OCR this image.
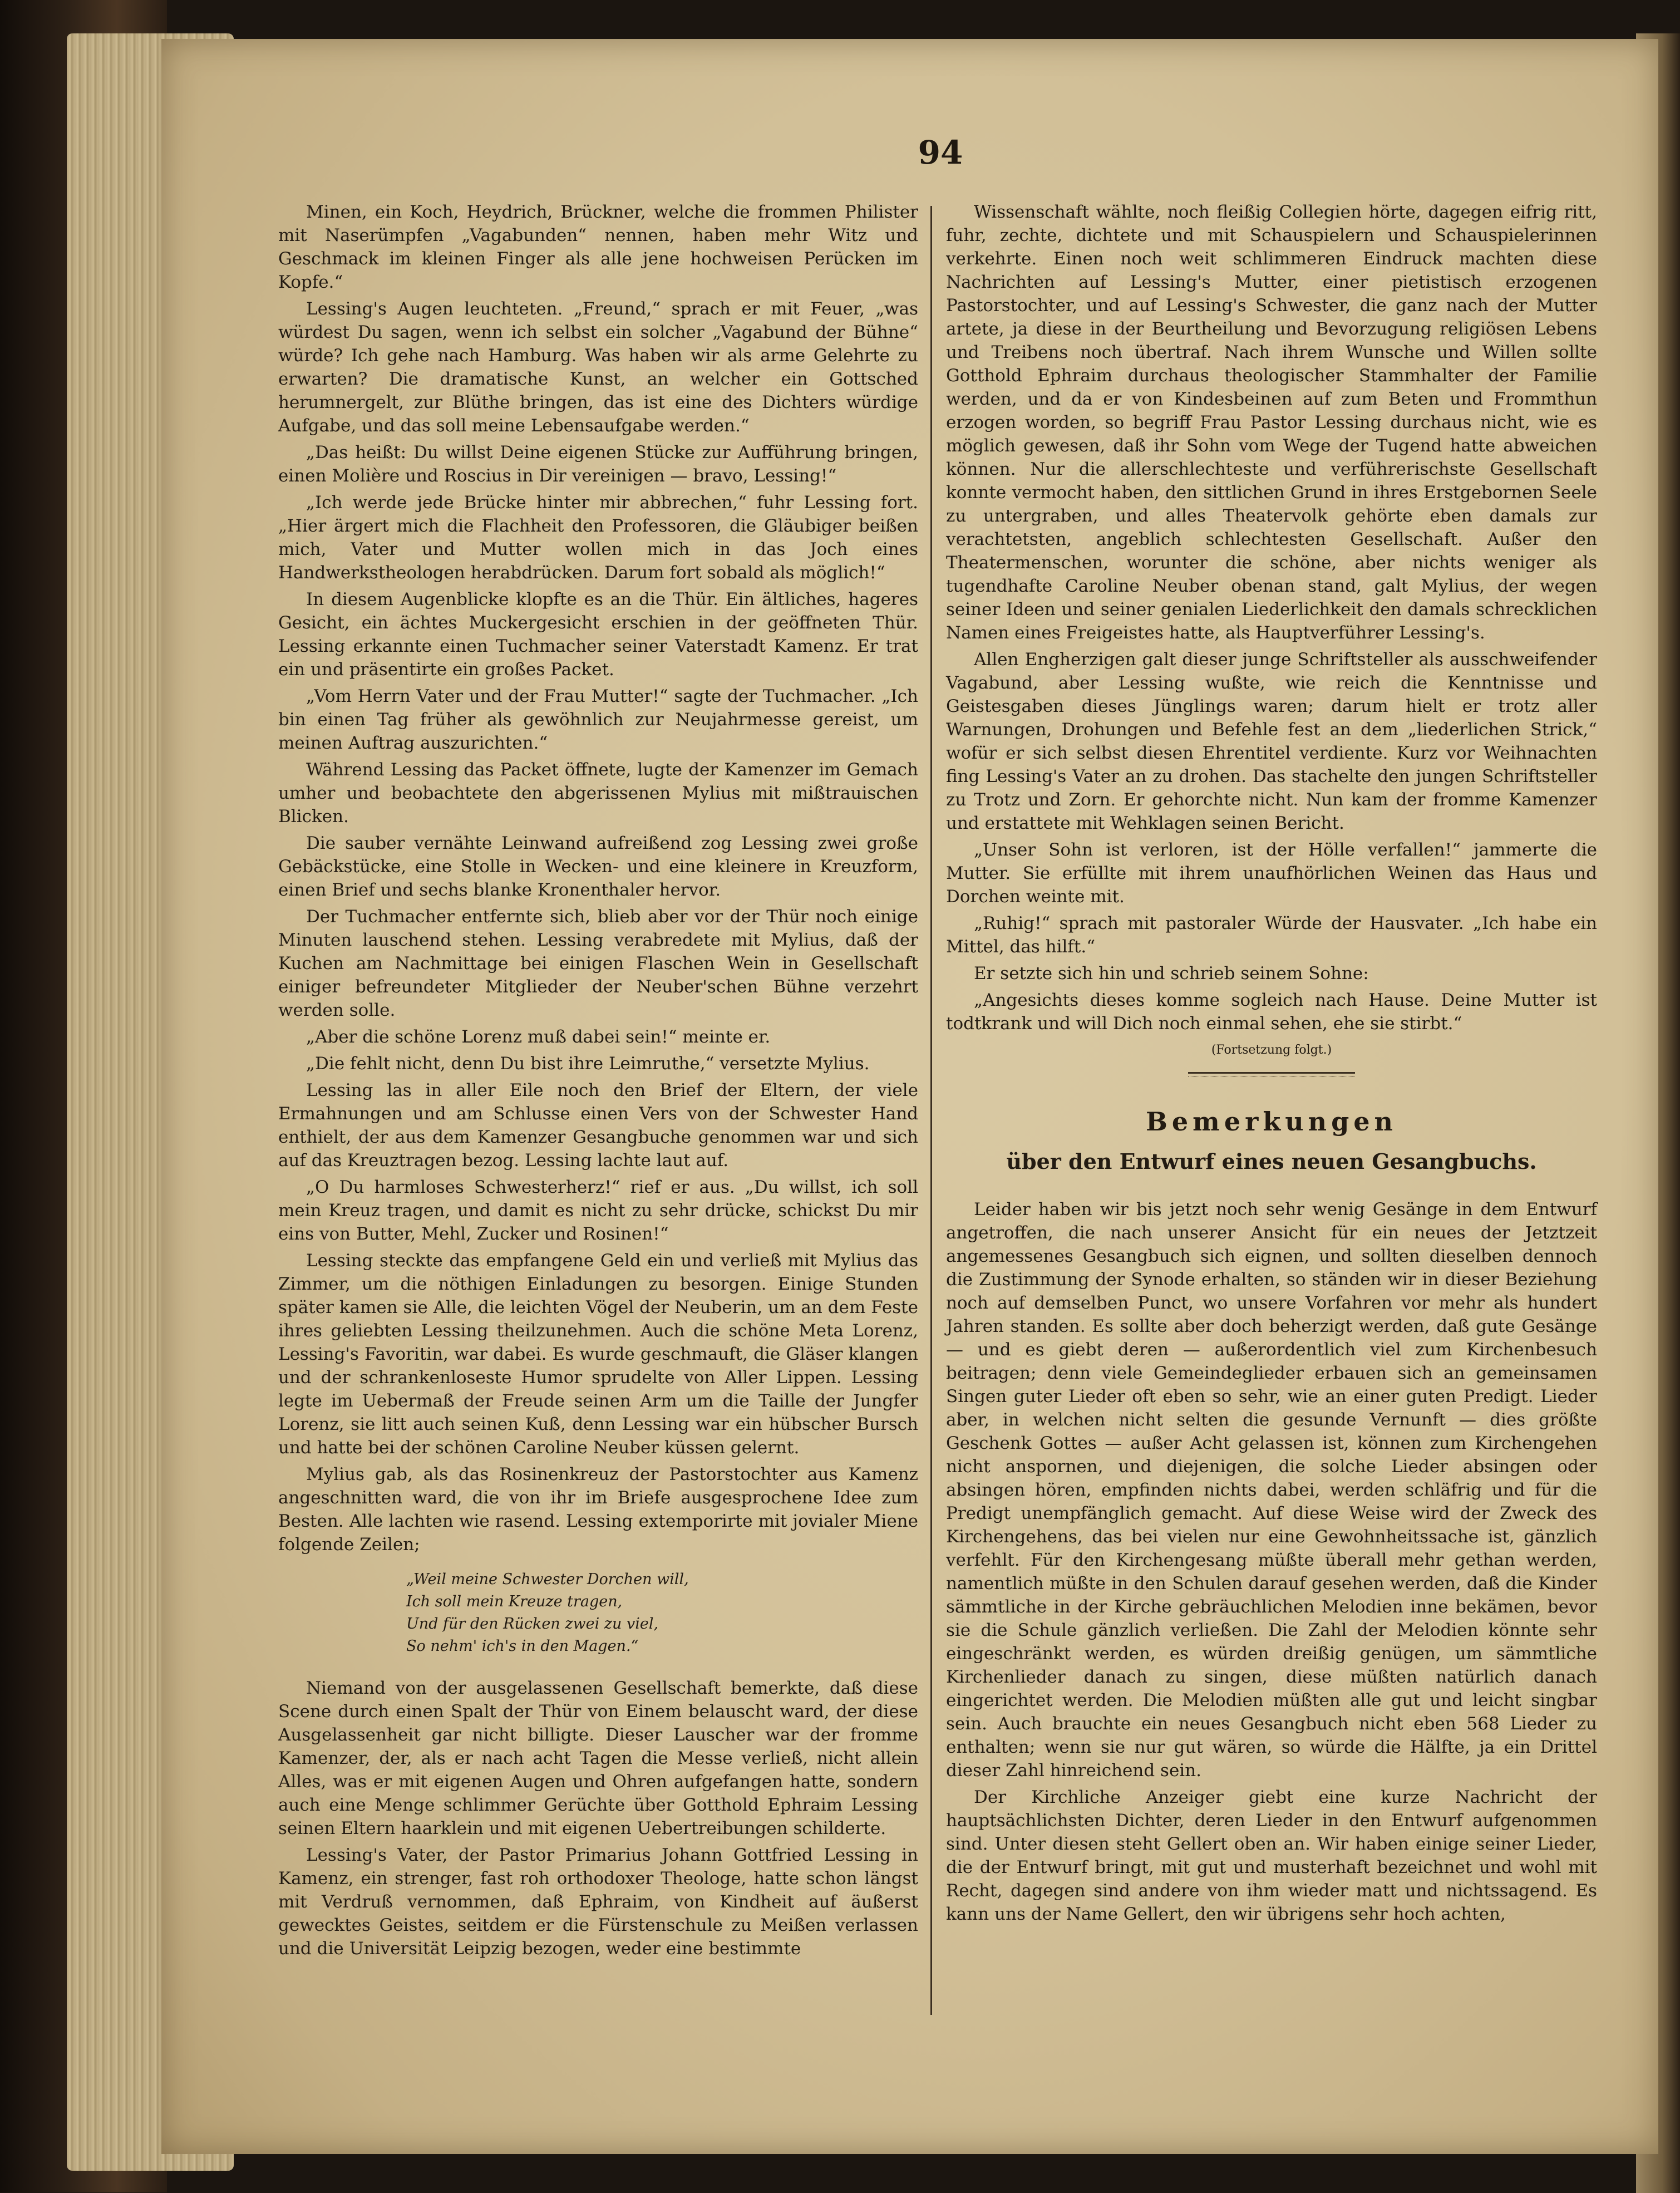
94

Minen, ein Koch, Heydrich, Brückner, welche die frommen Philister mit Naserümpfen „Vagabunden“ nennen, haben mehr Witz und Geschmack im kleinen Finger als alle jene hochweisen Perücken im Kopfe.“

Lessing's Augen leuchteten. „Freund,“ sprach er mit Feuer, „was würdest Du sagen, wenn ich selbst ein solcher „Vagabund der Bühne“ würde? Ich gehe nach Hamburg. Was haben wir als arme Gelehrte zu erwarten? Die dramatische Kunst, an welcher ein Gottsched herumnergelt, zur Blüthe bringen, das ist eine des Dichters würdige Aufgabe, und das soll meine Lebensaufgabe werden.“

„Das heißt: Du willst Deine eigenen Stücke zur Aufführung bringen, einen Molière und Roscius in Dir vereinigen — bravo, Lessing!“

„Ich werde jede Brücke hinter mir abbrechen,“ fuhr Lessing fort. „Hier ärgert mich die Flachheit den Professoren, die Gläubiger beißen mich, Vater und Mutter wollen mich in das Joch eines Handwerkstheologen herabdrücken. Darum fort sobald als möglich!“

In diesem Augenblicke klopfte es an die Thür. Ein ältliches, hageres Gesicht, ein ächtes Muckergesicht erschien in der geöffneten Thür. Lessing erkannte einen Tuchmacher seiner Vaterstadt Kamenz. Er trat ein und präsentirte ein großes Packet.

„Vom Herrn Vater und der Frau Mutter!“ sagte der Tuchmacher. „Ich bin einen Tag früher als gewöhnlich zur Neujahrmesse gereist, um meinen Auftrag auszurichten.“

Während Lessing das Packet öffnete, lugte der Kamenzer im Gemach umher und beobachtete den abgerissenen Mylius mit mißtrauischen Blicken.

Die sauber vernähte Leinwand aufreißend zog Lessing zwei große Gebäckstücke, eine Stolle in Wecken- und eine kleinere in Kreuzform, einen Brief und sechs blanke Kronenthaler hervor.

Der Tuchmacher entfernte sich, blieb aber vor der Thür noch einige Minuten lauschend stehen. Lessing verabredete mit Mylius, daß der Kuchen am Nachmittage bei einigen Flaschen Wein in Gesellschaft einiger befreundeter Mitglieder der Neuber'schen Bühne verzehrt werden solle.

„Aber die schöne Lorenz muß dabei sein!“ meinte er.

„Die fehlt nicht, denn Du bist ihre Leimruthe,“ versetzte Mylius.

Lessing las in aller Eile noch den Brief der Eltern, der viele Ermahnungen und am Schlusse einen Vers von der Schwester Hand enthielt, der aus dem Kamenzer Gesangbuche genommen war und sich auf das Kreuztragen bezog. Lessing lachte laut auf.

„O Du harmloses Schwesterherz!“ rief er aus. „Du willst, ich soll mein Kreuz tragen, und damit es nicht zu sehr drücke, schickst Du mir eins von Butter, Mehl, Zucker und Rosinen!“

Lessing steckte das empfangene Geld ein und verließ mit Mylius das Zimmer, um die nöthigen Einladungen zu besorgen. Einige Stunden später kamen sie Alle, die leichten Vögel der Neuberin, um an dem Feste ihres geliebten Lessing theilzunehmen. Auch die schöne Meta Lorenz, Lessing's Favoritin, war dabei. Es wurde geschmauft, die Gläser klangen und der schrankenloseste Humor sprudelte von Aller Lippen. Lessing legte im Uebermaß der Freude seinen Arm um die Taille der Jungfer Lorenz, sie litt auch seinen Kuß, denn Lessing war ein hübscher Bursch und hatte bei der schönen Caroline Neuber küssen gelernt.

Mylius gab, als das Rosinenkreuz der Pastorstochter aus Kamenz angeschnitten ward, die von ihr im Briefe ausgesprochene Idee zum Besten. Alle lachten wie rasend. Lessing extemporirte mit jovialer Miene folgende Zeilen;

„Weil meine Schwester Dorchen will,
Ich soll mein Kreuze tragen,
Und für den Rücken zwei zu viel,
So nehm' ich's in den Magen.“

Niemand von der ausgelassenen Gesellschaft bemerkte, daß diese Scene durch einen Spalt der Thür von Einem belauscht ward, der diese Ausgelassenheit gar nicht billigte. Dieser Lauscher war der fromme Kamenzer, der, als er nach acht Tagen die Messe verließ, nicht allein Alles, was er mit eigenen Augen und Ohren aufgefangen hatte, sondern auch eine Menge schlimmer Gerüchte über Gotthold Ephraim Lessing seinen Eltern haarklein und mit eigenen Uebertreibungen schilderte.

Lessing's Vater, der Pastor Primarius Johann Gottfried Lessing in Kamenz, ein strenger, fast roh orthodoxer Theologe, hatte schon längst mit Verdruß vernommen, daß Ephraim, von Kindheit auf äußerst gewecktes Geistes, seitdem er die Fürstenschule zu Meißen verlassen und die Universität Leipzig bezogen, weder eine bestimmte

Wissenschaft wählte, noch fleißig Collegien hörte, dagegen eifrig ritt, fuhr, zechte, dichtete und mit Schauspielern und Schauspielerinnen verkehrte. Einen noch weit schlimmeren Eindruck machten diese Nachrichten auf Lessing's Mutter, einer pietistisch erzogenen Pastorstochter, und auf Lessing's Schwester, die ganz nach der Mutter artete, ja diese in der Beurtheilung und Bevorzugung religiösen Lebens und Treibens noch übertraf. Nach ihrem Wunsche und Willen sollte Gotthold Ephraim durchaus theologischer Stammhalter der Familie werden, und da er von Kindesbeinen auf zum Beten und Frommthun erzogen worden, so begriff Frau Pastor Lessing durchaus nicht, wie es möglich gewesen, daß ihr Sohn vom Wege der Tugend hatte abweichen können. Nur die allerschlechteste und verführerischste Gesellschaft konnte vermocht haben, den sittlichen Grund in ihres Erstgebornen Seele zu untergraben, und alles Theatervolk gehörte eben damals zur verachtetsten, angeblich schlechtesten Gesellschaft. Außer den Theatermenschen, worunter die schöne, aber nichts weniger als tugendhafte Caroline Neuber obenan stand, galt Mylius, der wegen seiner Ideen und seiner genialen Liederlichkeit den damals schrecklichen Namen eines Freigeistes hatte, als Hauptverführer Lessing's.

Allen Engherzigen galt dieser junge Schriftsteller als ausschweifender Vagabund, aber Lessing wußte, wie reich die Kenntnisse und Geistesgaben dieses Jünglings waren; darum hielt er trotz aller Warnungen, Drohungen und Befehle fest an dem „liederlichen Strick,“ wofür er sich selbst diesen Ehrentitel verdiente. Kurz vor Weihnachten fing Lessing's Vater an zu drohen. Das stachelte den jungen Schriftsteller zu Trotz und Zorn. Er gehorchte nicht. Nun kam der fromme Kamenzer und erstattete mit Wehklagen seinen Bericht.

„Unser Sohn ist verloren, ist der Hölle verfallen!“ jammerte die Mutter. Sie erfüllte mit ihrem unaufhörlichen Weinen das Haus und Dorchen weinte mit.

„Ruhig!“ sprach mit pastoraler Würde der Hausvater. „Ich habe ein Mittel, das hilft.“

Er setzte sich hin und schrieb seinem Sohne:

„Angesichts dieses komme sogleich nach Hause. Deine Mutter ist todtkrank und will Dich noch einmal sehen, ehe sie stirbt.“

(Fortsetzung folgt.)
Bemerkungen
über den Entwurf eines neuen Gesangbuchs.

Leider haben wir bis jetzt noch sehr wenig Gesänge in dem Entwurf angetroffen, die nach unserer Ansicht für ein neues der Jetztzeit angemessenes Gesangbuch sich eignen, und sollten dieselben dennoch die Zustimmung der Synode erhalten, so ständen wir in dieser Beziehung noch auf demselben Punct, wo unsere Vorfahren vor mehr als hundert Jahren standen. Es sollte aber doch beherzigt werden, daß gute Gesänge — und es giebt deren — außerordentlich viel zum Kirchenbesuch beitragen; denn viele Gemeindeglieder erbauen sich an gemeinsamen Singen guter Lieder oft eben so sehr, wie an einer guten Predigt. Lieder aber, in welchen nicht selten die gesunde Vernunft — dies größte Geschenk Gottes — außer Acht gelassen ist, können zum Kirchengehen nicht anspornen, und diejenigen, die solche Lieder absingen oder absingen hören, empfinden nichts dabei, werden schläfrig und für die Predigt unempfänglich gemacht. Auf diese Weise wird der Zweck des Kirchengehens, das bei vielen nur eine Gewohnheitssache ist, gänzlich verfehlt. Für den Kirchengesang müßte überall mehr gethan werden, namentlich müßte in den Schulen darauf gesehen werden, daß die Kinder sämmtliche in der Kirche gebräuchlichen Melodien inne bekämen, bevor sie die Schule gänzlich verließen. Die Zahl der Melodien könnte sehr eingeschränkt werden, es würden dreißig genügen, um sämmtliche Kirchenlieder danach zu singen, diese müßten natürlich danach eingerichtet werden. Die Melodien müßten alle gut und leicht singbar sein. Auch brauchte ein neues Gesangbuch nicht eben 568 Lieder zu enthalten; wenn sie nur gut wären, so würde die Hälfte, ja ein Drittel dieser Zahl hinreichend sein.

Der Kirchliche Anzeiger giebt eine kurze Nachricht der hauptsächlichsten Dichter, deren Lieder in den Entwurf aufgenommen sind. Unter diesen steht Gellert oben an. Wir haben einige seiner Lieder, die der Entwurf bringt, mit gut und musterhaft bezeichnet und wohl mit Recht, dagegen sind andere von ihm wieder matt und nichtssagend. Es kann uns der Name Gellert, den wir übrigens sehr hoch achten,
